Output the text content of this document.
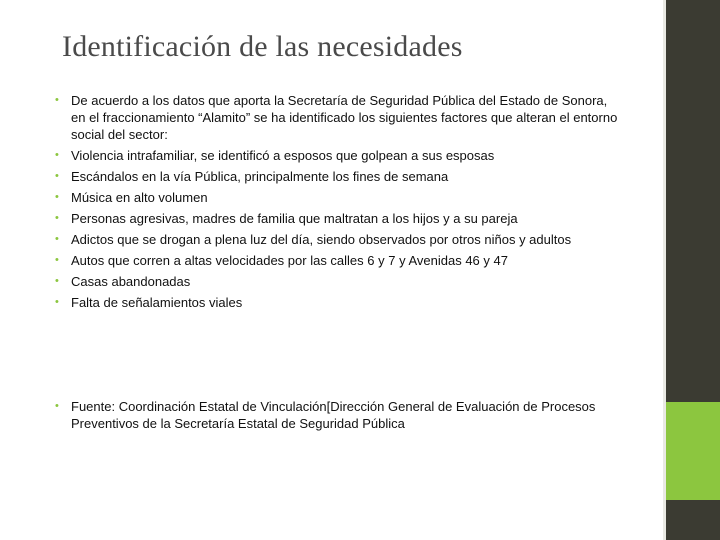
Identificación de las necesidades
• De acuerdo a los datos que aporta la Secretaría de Seguridad Pública del Estado de Sonora, en el fraccionamiento “Alamito” se ha identificado los siguientes factores que alteran el entorno social del sector:
• Violencia intrafamiliar, se identificó a esposos que golpean a sus esposas
• Escándalos en la vía Pública, principalmente los fines de semana
• Música en alto volumen
• Personas agresivas, madres de familia que maltratan a los hijos y a su pareja
• Adictos que se drogan a plena luz del día, siendo observados por otros niños y adultos
• Autos que corren a altas velocidades por las calles 6 y 7 y Avenidas 46 y 47
• Casas abandonadas
• Falta de señalamientos viales
• Fuente: Coordinación Estatal de Vinculación[Dirección General de Evaluación de Procesos Preventivos de la Secretaría Estatal de Seguridad Pública
